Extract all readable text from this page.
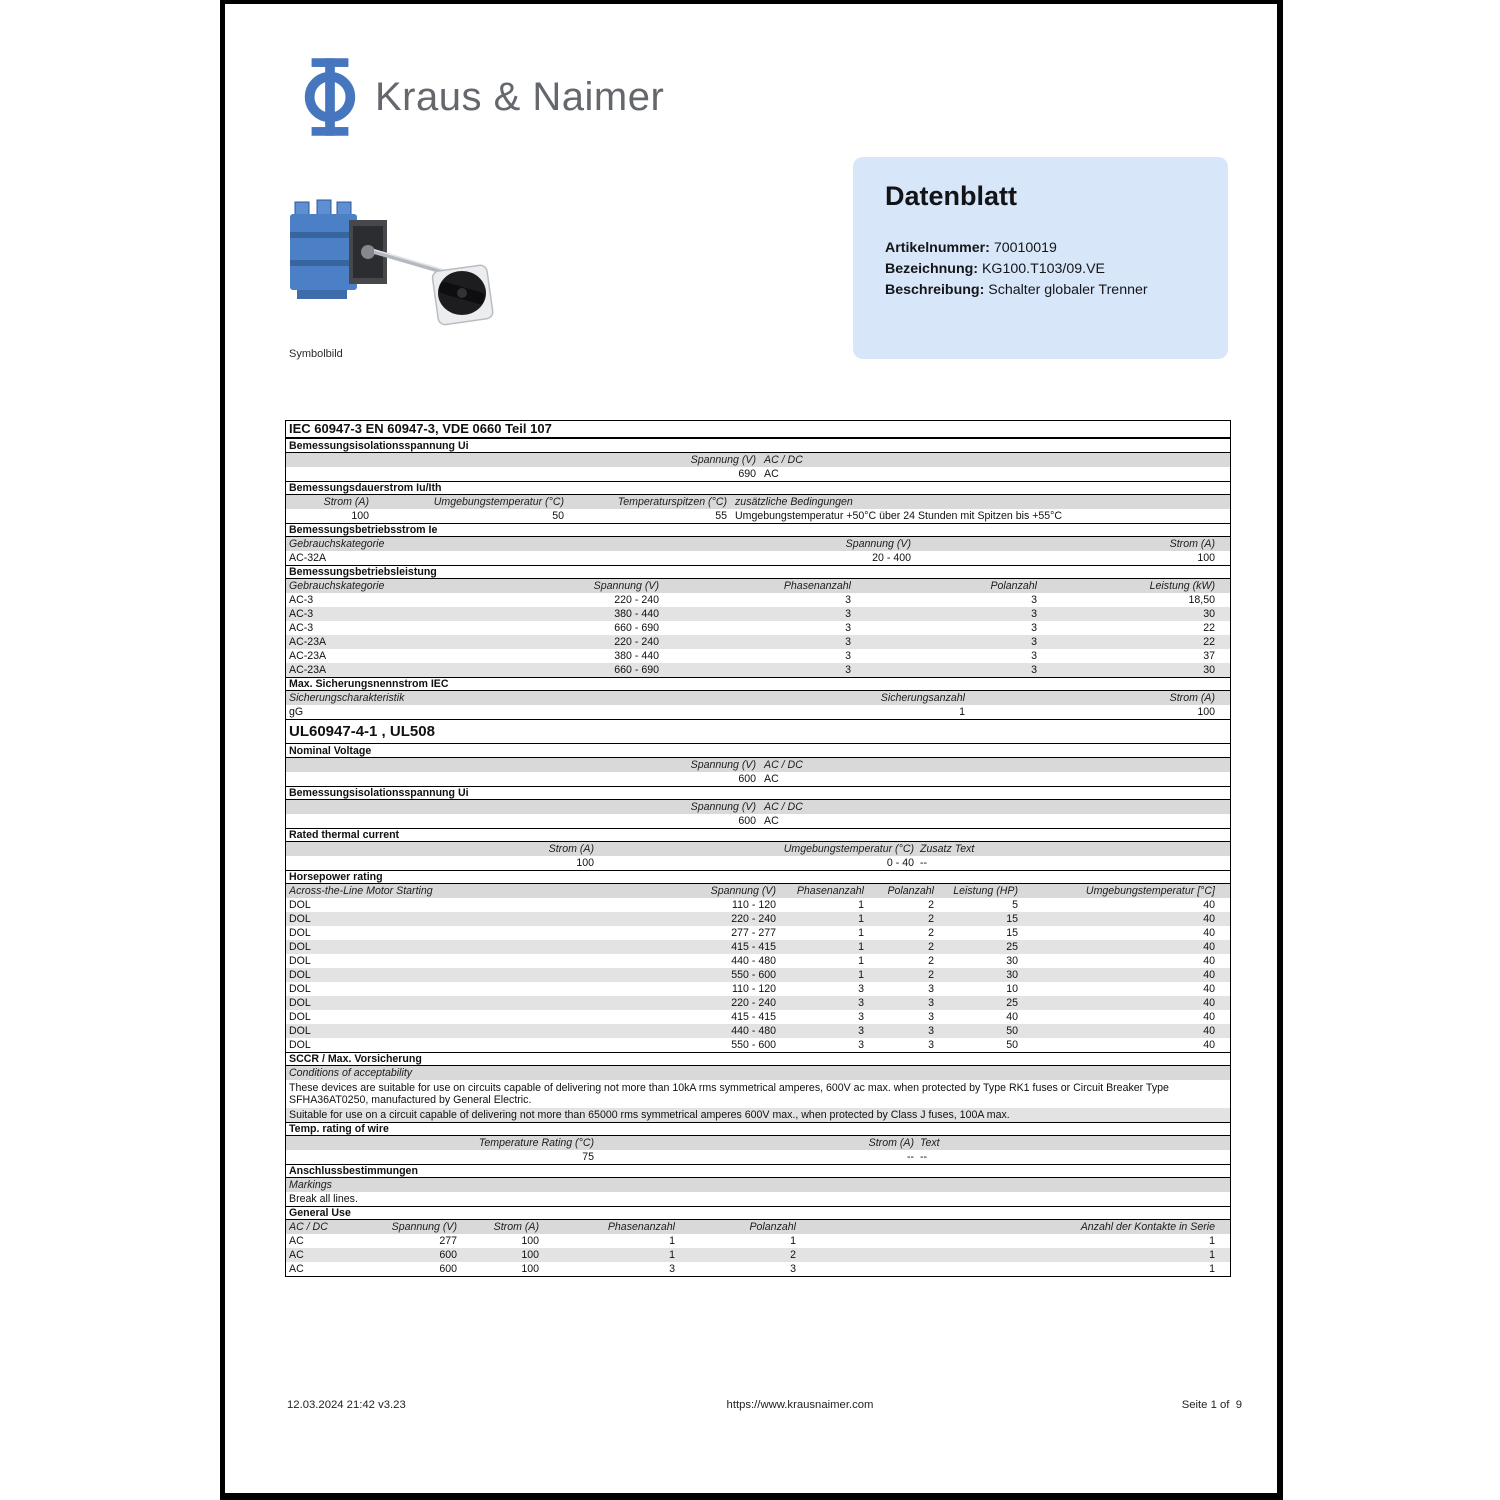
Kraus & Naimer
Symbolbild
Datenblatt
Artikelnummer: 70010019
Bezeichnung: KG100.T103/09.VE
Beschreibung: Schalter globaler Trenner
IEC 60947-3 EN 60947-3, VDE 0660 Teil 107
Bemessungsisolationsspannung Ui
Spannung (V) AC / DC
690 AC
Bemessungsdauerstrom Iu/Ith
Strom (A)	Umgebungstemperatur (°C)	Temperaturspitzen (°C) zusätzliche Bedingungen
100	50	55 Umgebungstemperatur +50°C über 24 Stunden mit Spitzen bis +55°C
Bemessungsbetriebsstrom Ie
Gebrauchskategorie	Spannung (V)	Strom (A)
AC-32A	20 - 400	100
Bemessungsbetriebsleistung
Gebrauchskategorie	Spannung (V)	Phasenanzahl	Polanzahl	Leistung (kW)
AC-3	220 - 240	3	3	18,50
AC-3	380 - 440	3	3	30
AC-3	660 - 690	3	3	22
AC-23A	220 - 240	3	3	22
AC-23A	380 - 440	3	3	37
AC-23A	660 - 690	3	3	30
Max. Sicherungsnennstrom IEC
Sicherungscharakteristik	Sicherungsanzahl	Strom (A)
gG	1	100
UL60947-4-1 , UL508
Nominal Voltage
Spannung (V) AC / DC
600 AC
Bemessungsisolationsspannung Ui
Spannung (V) AC / DC
600 AC
Rated thermal current
Strom (A)	Umgebungstemperatur (°C) Zusatz Text
100	0 - 40 --
Horsepower rating
Across-the-Line Motor Starting	Spannung (V)	Phasenanzahl	Polanzahl	Leistung (HP)	Umgebungstemperatur [°C]
DOL	110 - 120	1	2	5	40
DOL	220 - 240	1	2	15	40
DOL	277 - 277	1	2	15	40
DOL	415 - 415	1	2	25	40
DOL	440 - 480	1	2	30	40
DOL	550 - 600	1	2	30	40
DOL	110 - 120	3	3	10	40
DOL	220 - 240	3	3	25	40
DOL	415 - 415	3	3	40	40
DOL	440 - 480	3	3	50	40
DOL	550 - 600	3	3	50	40
SCCR / Max. Vorsicherung
Conditions of acceptability
These devices are suitable for use on circuits capable of delivering not more than 10kA rms symmetrical amperes, 600V ac max. when protected by Type RK1 fuses or Circuit Breaker Type SFHA36AT0250, manufactured by General Electric.
Suitable for use on a circuit capable of delivering not more than 65000 rms symmetrical amperes 600V max., when protected by Class J fuses, 100A max.
Temp. rating of wire
Temperature Rating (°C)	Strom (A) Text
75	-- --
Anschlussbestimmungen
Markings
Break all lines.
General Use
AC / DC	Spannung (V)	Strom (A)	Phasenanzahl	Polanzahl	Anzahl der Kontakte in Serie
AC	277	100	1	1	1
AC	600	100	1	2	1
AC	600	100	3	3	1
12.03.2024 21:42 v3.23	https://www.krausnaimer.com	Seite 1 of  9
